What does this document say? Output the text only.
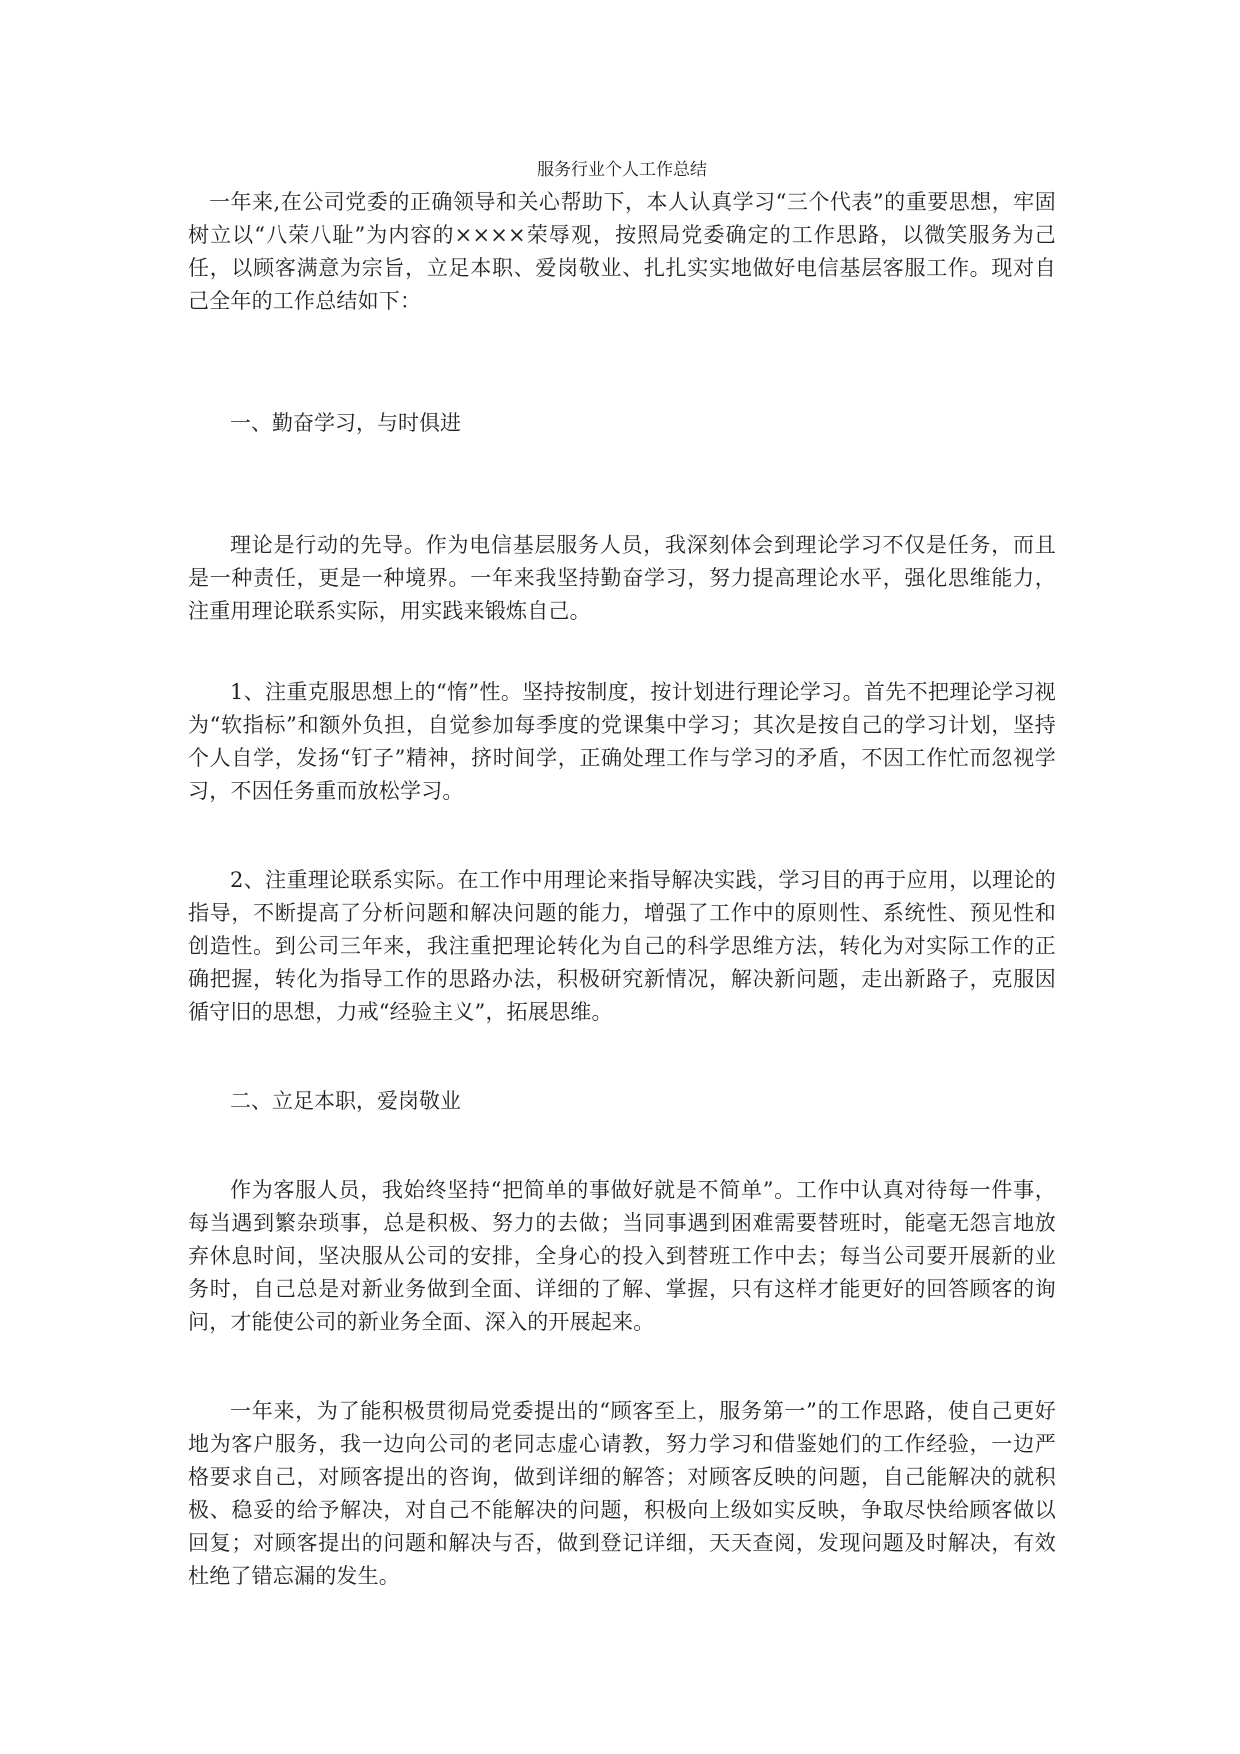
服务行业个人工作总结

一年来,在公司党委的正确领导和关心帮助下，本人认真学习“三个代表”的重要思想，牢固树立以“八荣八耻”为内容的××××荣辱观，按照局党委确定的工作思路，以微笑服务为己任，以顾客满意为宗旨，立足本职、爱岗敬业、扎扎实实地做好电信基层客服工作。现对自己全年的工作总结如下：

一、勤奋学习，与时俱进

理论是行动的先导。作为电信基层服务人员，我深刻体会到理论学习不仅是任务，而且是一种责任，更是一种境界。一年来我坚持勤奋学习，努力提高理论水平，强化思维能力，注重用理论联系实际，用实践来锻炼自己。

1、注重克服思想上的“惰”性。坚持按制度，按计划进行理论学习。首先不把理论学习视为“软指标”和额外负担，自觉参加每季度的党课集中学习；其次是按自己的学习计划，坚持个人自学，发扬“钉子”精神，挤时间学，正确处理工作与学习的矛盾，不因工作忙而忽视学习，不因任务重而放松学习。

2、注重理论联系实际。在工作中用理论来指导解决实践，学习目的再于应用，以理论的指导，不断提高了分析问题和解决问题的能力，增强了工作中的原则性、系统性、预见性和创造性。到公司三年来，我注重把理论转化为自己的科学思维方法，转化为对实际工作的正确把握，转化为指导工作的思路办法，积极研究新情况，解决新问题，走出新路子，克服因循守旧的思想，力戒“经验主义”，拓展思维。

二、立足本职，爱岗敬业

作为客服人员，我始终坚持“把简单的事做好就是不简单”。工作中认真对待每一件事，每当遇到繁杂琐事，总是积极、努力的去做；当同事遇到困难需要替班时，能毫无怨言地放弃休息时间，坚决服从公司的安排，全身心的投入到替班工作中去；每当公司要开展新的业务时，自己总是对新业务做到全面、详细的了解、掌握，只有这样才能更好的回答顾客的询问，才能使公司的新业务全面、深入的开展起来。

一年来，为了能积极贯彻局党委提出的“顾客至上，服务第一”的工作思路，使自己更好地为客户服务，我一边向公司的老同志虚心请教，努力学习和借鉴她们的工作经验，一边严格要求自己，对顾客提出的咨询，做到详细的解答；对顾客反映的问题，自己能解决的就积极、稳妥的给予解决，对自己不能解决的问题，积极向上级如实反映，争取尽快给顾客做以回复；对顾客提出的问题和解决与否，做到登记详细，天天查阅，发现问题及时解决，有效杜绝了错忘漏的发生。
